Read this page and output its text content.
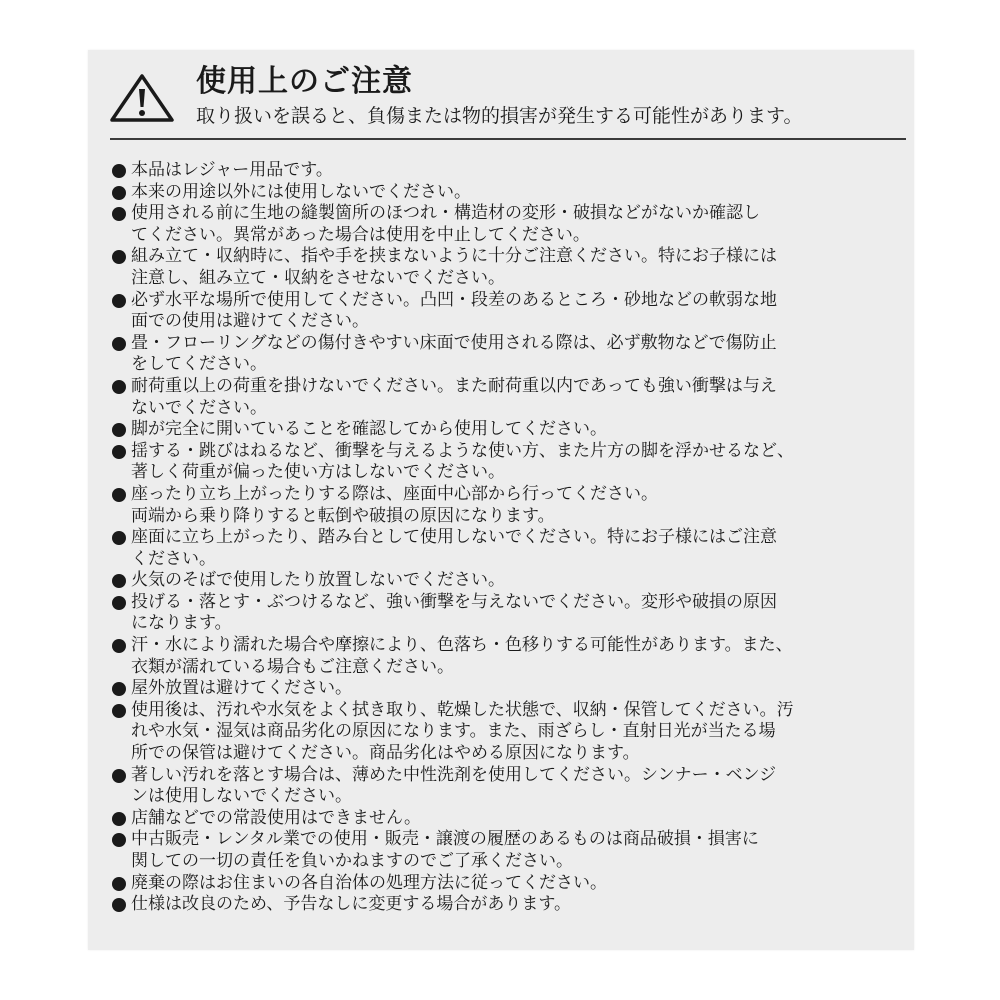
使用上のご注意
取り扱いを誤ると、負傷または物的損害が発生する可能性があります。
本品はレジャー用品です。
本来の用途以外には使用しないでください。
使用される前に生地の縫製箇所のほつれ・構造材の変形・破損などがないか確認し
てください。異常があった場合は使用を中止してください。
組み立て・収納時に、指や手を挟まないように十分ご注意ください。特にお子様には
注意し、組み立て・収納をさせないでください。
必ず水平な場所で使用してください。凸凹・段差のあるところ・砂地などの軟弱な地
面での使用は避けてください。
畳・フローリングなどの傷付きやすい床面で使用される際は、必ず敷物などで傷防止
をしてください。
耐荷重以上の荷重を掛けないでください。また耐荷重以内であっても強い衝撃は与え
ないでください。
脚が完全に開いていることを確認してから使用してください。
揺する・跳びはねるなど、衝撃を与えるような使い方、また片方の脚を浮かせるなど、
著しく荷重が偏った使い方はしないでください。
座ったり立ち上がったりする際は、座面中心部から行ってください。
両端から乗り降りすると転倒や破損の原因になります。
座面に立ち上がったり、踏み台として使用しないでください。特にお子様にはご注意
ください。
火気のそばで使用したり放置しないでください。
投げる・落とす・ぶつけるなど、強い衝撃を与えないでください。変形や破損の原因
になります。
汗・水により濡れた場合や摩擦により、色落ち・色移りする可能性があります。また、
衣類が濡れている場合もご注意ください。
屋外放置は避けてください。
使用後は、汚れや水気をよく拭き取り、乾燥した状態で、収納・保管してください。汚
れや水気・湿気は商品劣化の原因になります。また、雨ざらし・直射日光が当たる場
所での保管は避けてください。商品劣化はやめる原因になります。
著しい汚れを落とす場合は、薄めた中性洗剤を使用してください。シンナー・ベンジ
ンは使用しないでください。
店舗などでの常設使用はできません。
中古販売・レンタル業での使用・販売・譲渡の履歴のあるものは商品破損・損害に
関しての一切の責任を負いかねますのでご了承ください。
廃棄の際はお住まいの各自治体の処理方法に従ってください。
仕様は改良のため、予告なしに変更する場合があります。
